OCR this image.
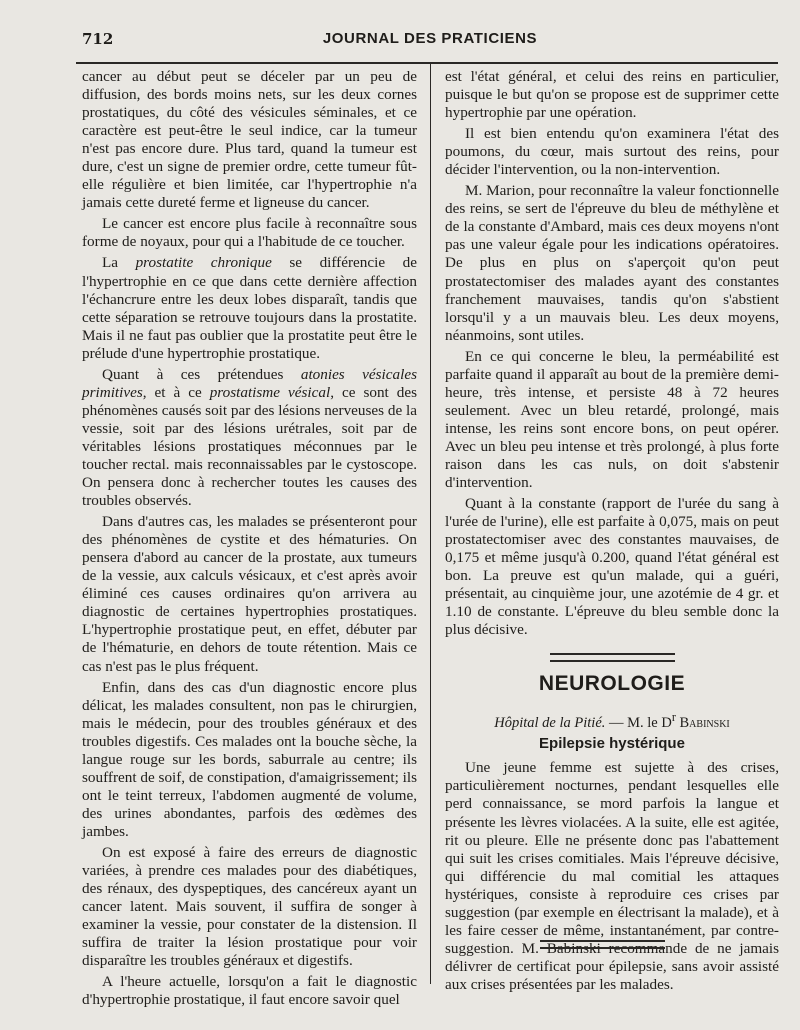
712	JOURNAL DES PRATICIENS

cancer au début peut se déceler par un peu de diffusion, des bords moins nets, sur les deux cornes prostatiques, du côté des vésicules séminales, et ce caractère est peut-être le seul indice, car la tumeur n'est pas encore dure. Plus tard, quand la tumeur est dure, c'est un signe de premier ordre, cette tumeur fût-elle régulière et bien limitée, car l'hypertrophie n'a jamais cette dureté ferme et ligneuse du cancer.

Le cancer est encore plus facile à reconnaître sous forme de noyaux, pour qui a l'habitude de ce toucher.

La prostatite chronique se différencie de l'hypertrophie en ce que dans cette dernière affection l'échancrure entre les deux lobes disparaît, tandis que cette séparation se retrouve toujours dans la prostatite. Mais il ne faut pas oublier que la prostatite peut être le prélude d'une hypertrophie prostatique.

Quant à ces prétendues atonies vésicales primitives, et à ce prostatisme vésical, ce sont des phénomènes causés soit par des lésions nerveuses de la vessie, soit par des lésions urétrales, soit par de véritables lésions prostatiques méconnues par le toucher rectal. mais reconnaissables par le cystoscope. On pensera donc à rechercher toutes les causes des troubles observés.

Dans d'autres cas, les malades se présenteront pour des phénomènes de cystite et des hématuries. On pensera d'abord au cancer de la prostate, aux tumeurs de la vessie, aux calculs vésicaux, et c'est après avoir éliminé ces causes ordinaires qu'on arrivera au diagnostic de certaines hypertrophies prostatiques. L'hypertrophie prostatique peut, en effet, débuter par de l'hématurie, en dehors de toute rétention. Mais ce cas n'est pas le plus fréquent.

Enfin, dans des cas d'un diagnostic encore plus délicat, les malades consultent, non pas le chirurgien, mais le médecin, pour des troubles généraux et des troubles digestifs. Ces malades ont la bouche sèche, la langue rouge sur les bords, saburrale au centre; ils souffrent de soif, de constipation, d'amaigrissement; ils ont le teint terreux, l'abdomen augmenté de volume, des urines abondantes, parfois des œdèmes des jambes.

On est exposé à faire des erreurs de diagnostic variées, à prendre ces malades pour des diabétiques, des rénaux, des dyspeptiques, des cancéreux ayant un cancer latent. Mais souvent, il suffira de songer à examiner la vessie, pour constater de la distension. Il suffira de traiter la lésion prostatique pour voir disparaître les troubles généraux et digestifs.

A l'heure actuelle, lorsqu'on a fait le diagnostic d'hypertrophie prostatique, il faut encore savoir quel

est l'état général, et celui des reins en particulier, puisque le but qu'on se propose est de supprimer cette hypertrophie par une opération.

Il est bien entendu qu'on examinera l'état des poumons, du cœur, mais surtout des reins, pour décider l'intervention, ou la non-intervention.

M. Marion, pour reconnaître la valeur fonctionnelle des reins, se sert de l'épreuve du bleu de méthylène et de la constante d'Ambard, mais ces deux moyens n'ont pas une valeur égale pour les indications opératoires. De plus en plus on s'aperçoit qu'on peut prostatectomiser des malades ayant des constantes franchement mauvaises, tandis qu'on s'abstient lorsqu'il y a un mauvais bleu. Les deux moyens, néanmoins, sont utiles.

En ce qui concerne le bleu, la perméabilité est parfaite quand il apparaît au bout de la première demi-heure, très intense, et persiste 48 à 72 heures seulement. Avec un bleu retardé, prolongé, mais intense, les reins sont encore bons, on peut opérer. Avec un bleu peu intense et très prolongé, à plus forte raison dans les cas nuls, on doit s'abstenir d'intervention.

Quant à la constante (rapport de l'urée du sang à l'urée de l'urine), elle est parfaite à 0,075, mais on peut prostatectomiser avec des constantes mauvaises, de 0,175 et même jusqu'à 0.200, quand l'état général est bon. La preuve est qu'un malade, qui a guéri, présentait, au cinquième jour, une azotémie de 4 gr. et 1.10 de constante. L'épreuve du bleu semble donc la plus décisive.

NEUROLOGIE
Hôpital de la Pitié. — M. le $D^r$ Babinski
Epilepsie hystérique

Une jeune femme est sujette à des crises, particulièrement nocturnes, pendant lesquelles elle perd connaissance, se mord parfois la langue et présente les lèvres violacées. A la suite, elle est agitée, rit ou pleure. Elle ne présente donc pas l'abattement qui suit les crises comitiales. Mais l'épreuve décisive, qui différencie du mal comitial les attaques hystériques, consiste à reproduire ces crises par suggestion (par exemple en électrisant la malade), et à les faire cesser de même, instantanément, par contre-suggestion. M. Babinski recommande de ne jamais délivrer de certificat pour épilepsie, sans avoir assisté aux crises présentées par les malades.
